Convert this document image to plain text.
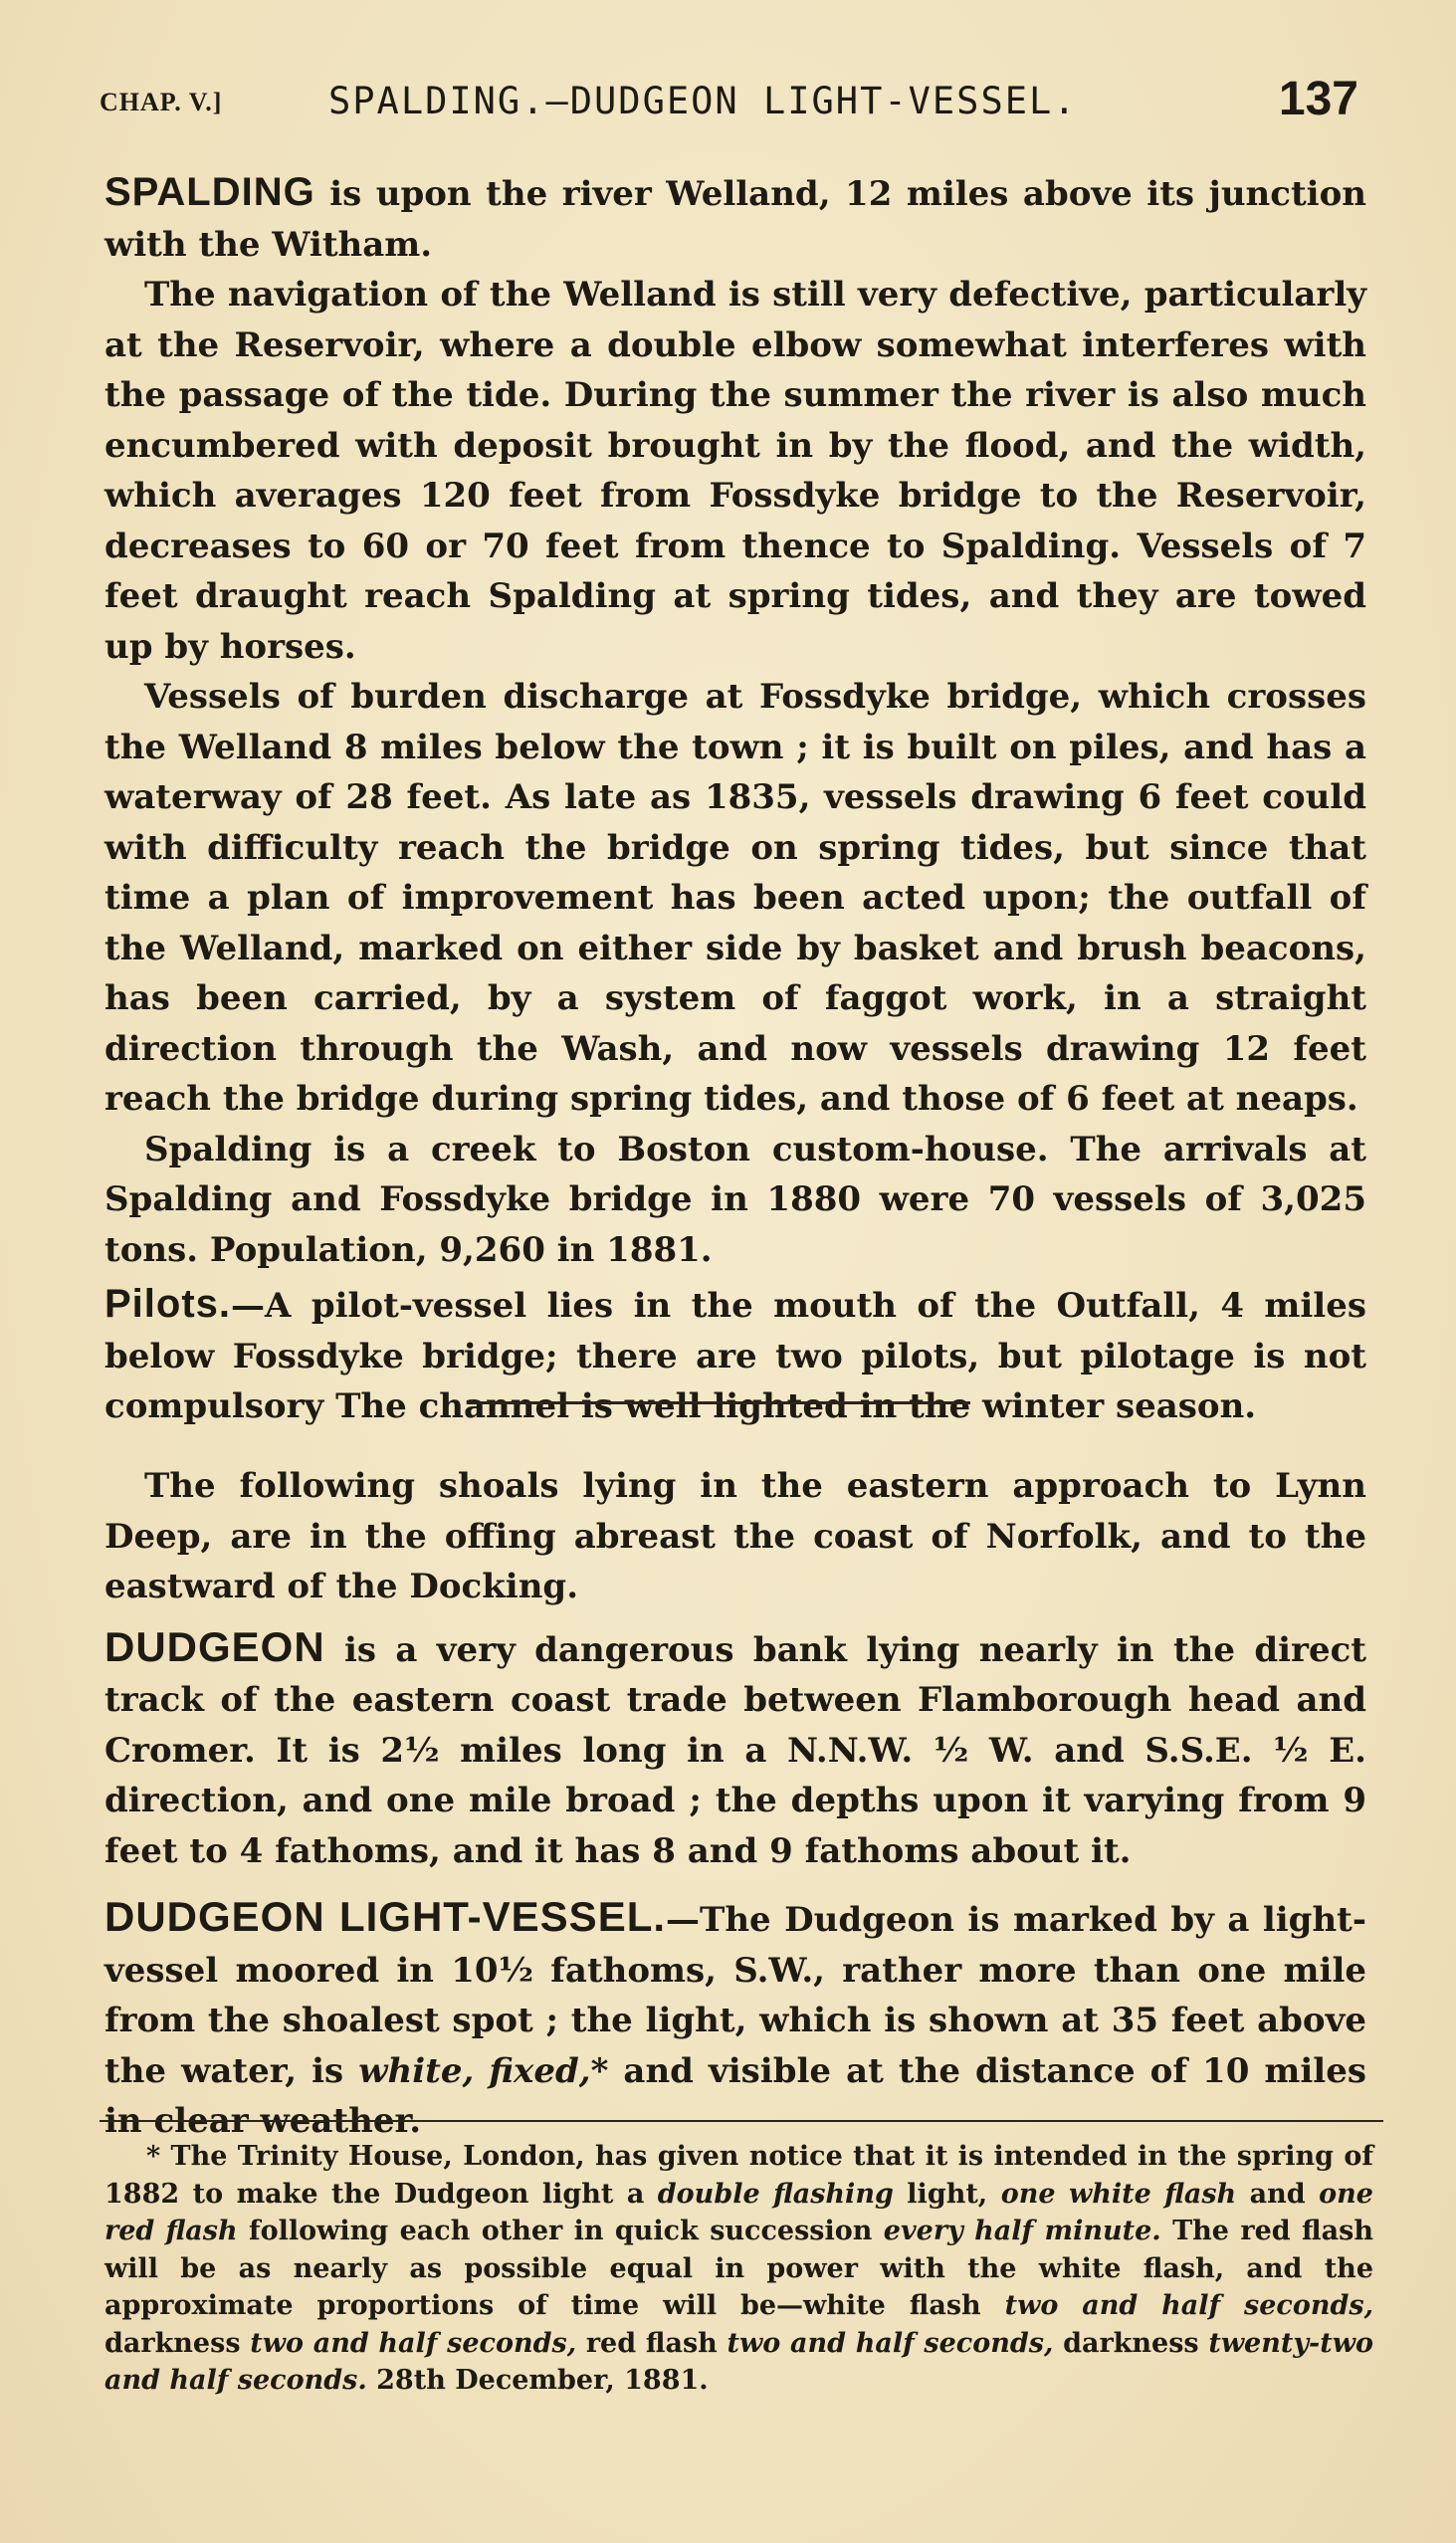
CHAP. V.]	SPALDING.—DUDGEON LIGHT-VESSEL.	137

SPALDING is upon the river Welland, 12 miles above its junction with the Witham.

The navigation of the Welland is still very defective, particularly at the Reservoir, where a double elbow somewhat interferes with the passage of the tide. During the summer the river is also much encumbered with deposit brought in by the flood, and the width, which averages 120 feet from Fossdyke bridge to the Reservoir, decreases to 60 or 70 feet from thence to Spalding. Vessels of 7 feet draught reach Spalding at spring tides, and they are towed up by horses.

Vessels of burden discharge at Fossdyke bridge, which crosses the Welland 8 miles below the town ; it is built on piles, and has a waterway of 28 feet. As late as 1835, vessels drawing 6 feet could with difficulty reach the bridge on spring tides, but since that time a plan of improvement has been acted upon; the outfall of the Welland, marked on either side by basket and brush beacons, has been carried, by a system of faggot work, in a straight direction through the Wash, and now vessels drawing 12 feet reach the bridge during spring tides, and those of 6 feet at neaps.

Spalding is a creek to Boston custom-house. The arrivals at Spalding and Fossdyke bridge in 1880 were 70 vessels of 3,025 tons. Population, 9,260 in 1881.

Pilots.—A pilot-vessel lies in the mouth of the Outfall, 4 miles below Fossdyke bridge; there are two pilots, but pilotage is not compulsory The channel is well lighted in the winter season.

The following shoals lying in the eastern approach to Lynn Deep, are in the offing abreast the coast of Norfolk, and to the eastward of the Docking.

DUDGEON is a very dangerous bank lying nearly in the direct track of the eastern coast trade between Flamborough head and Cromer. It is 2½ miles long in a N.N.W. ½ W. and S.S.E. ½ E. direction, and one mile broad ; the depths upon it varying from 9 feet to 4 fathoms, and it has 8 and 9 fathoms about it.

DUDGEON LIGHT-VESSEL.—The Dudgeon is marked by a light-vessel moored in 10½ fathoms, S.W., rather more than one mile from the shoalest spot ; the light, which is shown at 35 feet above the water, is white, fixed,* and visible at the distance of 10 miles in clear weather.

* The Trinity House, London, has given notice that it is intended in the spring of 1882 to make the Dudgeon light a double flashing light, one white flash and one red flash following each other in quick succession every half minute. The red flash will be as nearly as possible equal in power with the white flash, and the approximate proportions of time will be—white flash two and half seconds, darkness two and half seconds, red flash two and half seconds, darkness twenty-two and half seconds. 28th December, 1881.
